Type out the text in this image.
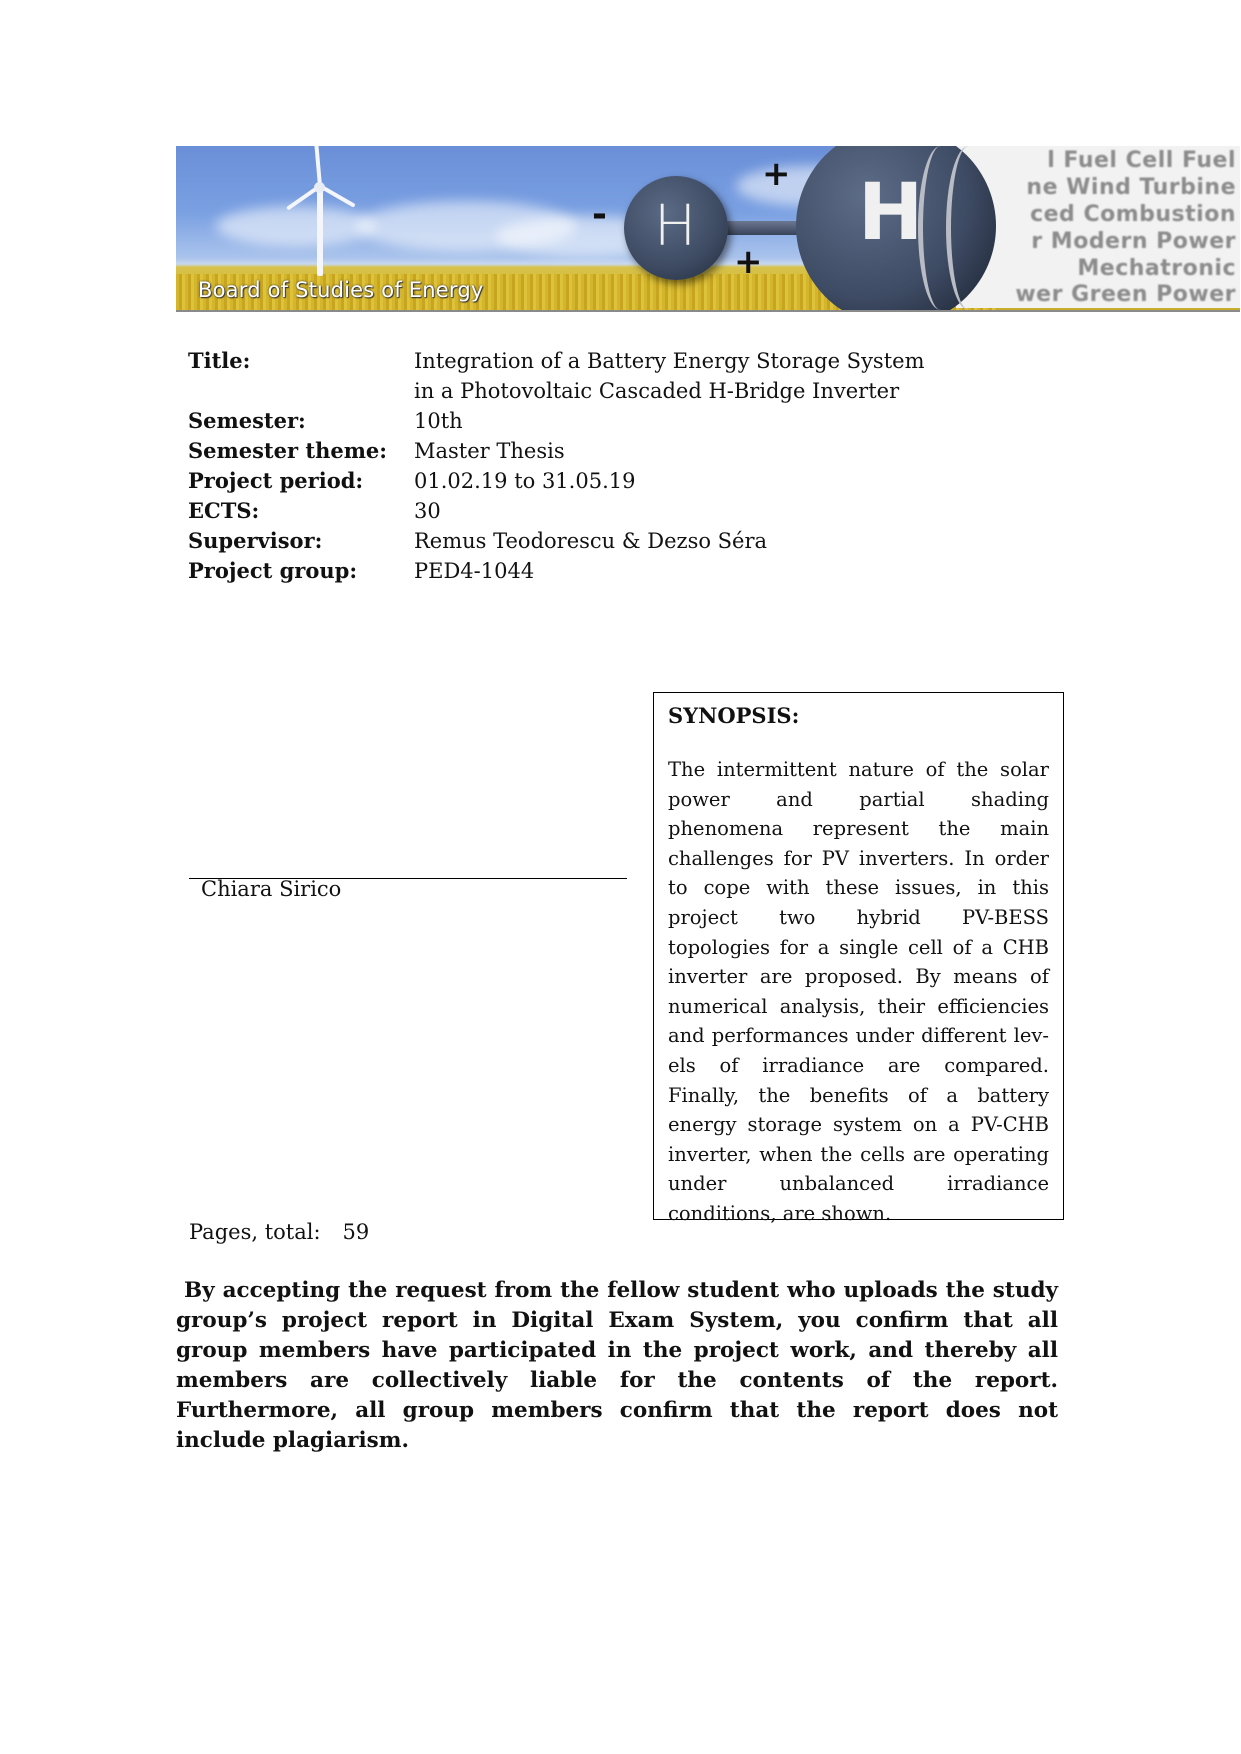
l Fuel Cell Fuel
ne Wind Turbine
ced Combustion
r Modern Power
Mechatronic
wer Green Power
H H
-
+
+
Board of Studies of Energy
Title:	Integration of a Battery Energy Storage System
in a Photovoltaic Cascaded H-Bridge Inverter
Semester:	10th
Semester theme:	Master Thesis
Project period:	01.02.19 to 31.05.19
ECTS:	30
Supervisor:	Remus Teodorescu & Dezso Séra
Project group:	PED4-1044
Chiara Sirico
SYNOPSIS:
The intermittent nature of the solar power and partial shading phenomena represent the main challenges for PV inverters. In order to cope with these issues, in this project two hybrid PV-BESS topologies for a single cell of a CHB inverter are proposed. By means of numerical analysis, their efficiencies and performances under different levels of irradiance are compared. Finally, the benefits of a battery energy storage system on a PV-CHB inverter, when the cells are operating under unbalanced irradiance conditions, are shown.
Pages, total: 59
By accepting the request from the fellow student who uploads the study group’s project report in Digital Exam System, you confirm that all group members have participated in the project work, and thereby all members are collectively liable for the contents of the report. Furthermore, all group members confirm that the report does not include plagiarism.
